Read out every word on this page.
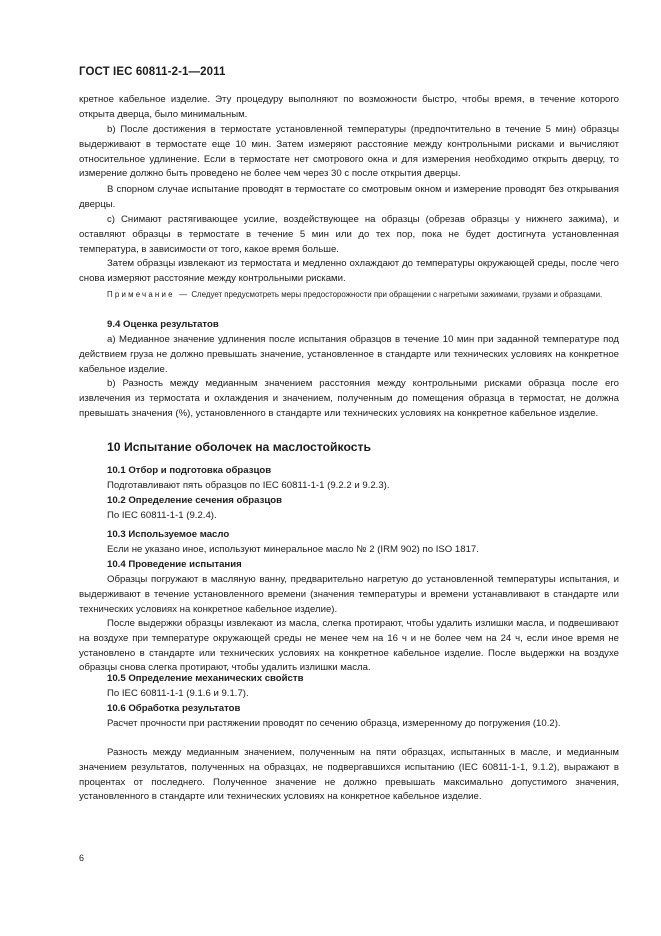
ГОСТ IEC 60811-2-1—2011

кретное кабельное изделие. Эту процедуру выполняют по возможности быстро, чтобы время, в течение которого открыта дверца, было минимальным.

b) После достижения в термостате установленной температуры (предпочтительно в течение 5 мин) образцы выдерживают в термостате еще 10 мин. Затем измеряют расстояние между контрольными рисками и вычисляют относительное удлинение. Если в термостате нет смотрового окна и для измерения необходимо открыть дверцу, то измерение должно быть проведено не более чем через 30 с после открытия дверцы.

В спорном случае испытание проводят в термостате со смотровым окном и измерение проводят без открывания дверцы.

c) Снимают растягивающее усилие, воздействующее на образцы (обрезав образцы у нижнего зажима), и оставляют образцы в термостате в течение 5 мин или до тех пор, пока не будет достигнута установленная температура, в зависимости от того, какое время больше.

Затем образцы извлекают из термостата и медленно охлаждают до температуры окружающей среды, после чего снова измеряют расстояние между контрольными рисками.

Примечание — Следует предусмотреть меры предосторожности при обращении с нагретыми зажимами, грузами и образцами.
9.4 Оценка результатов

a) Медианное значение удлинения после испытания образцов в течение 10 мин при заданной температуре под действием груза не должно превышать значение, установленное в стандарте или технических условиях на конкретное кабельное изделие.

b) Разность между медианным значением расстояния между контрольными рисками образца после его извлечения из термостата и охлаждения и значением, полученным до помещения образца в термостат, не должна превышать значения (%), установленного в стандарте или технических условиях на конкретное кабельное изделие.

10 Испытание оболочек на маслостойкость
10.1 Отбор и подготовка образцов

Подготавливают пять образцов по IEC 60811-1-1 (9.2.2 и 9.2.3).

10.2 Определение сечения образцов

По IEC 60811-1-1 (9.2.4).

10.3 Используемое масло

Если не указано иное, используют минеральное масло № 2 (IRM 902) по ISO 1817.

10.4 Проведение испытания

Образцы погружают в масляную ванну, предварительно нагретую до установленной температуры испытания, и выдерживают в течение установленного времени (значения температуры и времени устанавливают в стандарте или технических условиях на конкретное кабельное изделие).

После выдержки образцы извлекают из масла, слегка протирают, чтобы удалить излишки масла, и подвешивают на воздухе при температуре окружающей среды не менее чем на 16 ч и не более чем на 24 ч, если иное время не установлено в стандарте или технических условиях на конкретное кабельное изделие. После выдержки на воздухе образцы снова слегка протирают, чтобы удалить излишки масла.

10.5 Определение механических свойств

По IEC 60811-1-1 (9.1.6 и 9.1.7).

10.6 Обработка результатов

Расчет прочности при растяжении проводят по сечению образца, измеренному до погружения (10.2).

Разность между медианным значением, полученным на пяти образцах, испытанных в масле, и медианным значением результатов, полученных на образцах, не подвергавшихся испытанию (IEC 60811-1-1, 9.1.2), выражают в процентах от последнего. Полученное значение не должно превышать максимально допустимого значения, установленного в стандарте или технических условиях на конкретное кабельное изделие.

6
